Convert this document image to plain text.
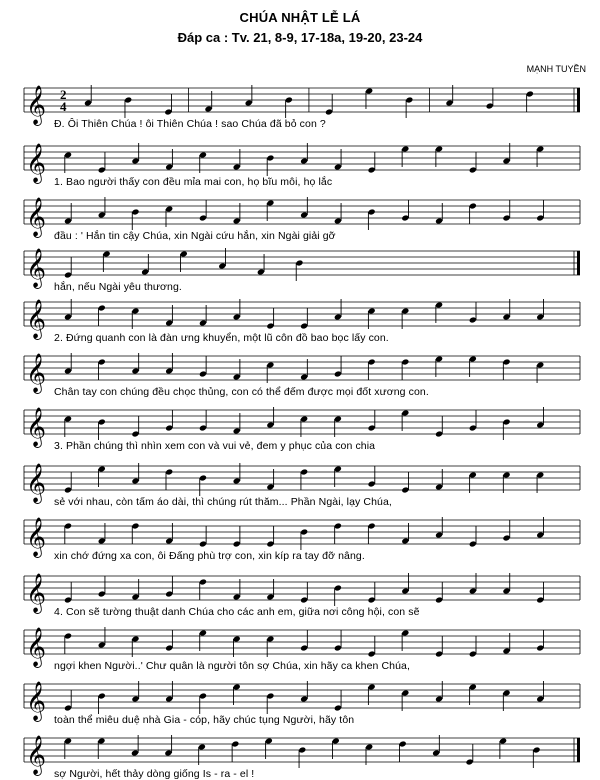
CHÚA NHẬT LỄ LÁ
Đáp ca : Tv. 21, 8-9, 17-18a, 19-20, 23-24
MẠNH TUYỀN
𝄞 2
4
Đ. Ôi Thiên Chúa ! ôi Thiên Chúa ! sao Chúa đã bỏ con ?
𝄞 1. Bao người thấy con đều mỉa mai con, họ bĩu môi, họ lắc
𝄞 đầu : ' Hắn tin cậy Chúa, xin Ngài cứu hắn, xin Ngài giải gỡ
𝄞 hắn, nếu Ngài yêu thương.
𝄞 2. Đứng quanh con là đàn ưng khuyển, một lũ côn đồ bao bọc lấy con.
𝄞 Chân tay con chúng đều chọc thủng, con có thể đếm được mọi đốt xương con.
𝄞 3. Phần chúng thì nhìn xem con và vui vẻ, đem y phục của con chia
𝄞 sẻ với nhau, còn tấm áo dài, thì chúng rút thăm... Phần Ngài, lạy Chúa,
𝄞 xin chớ đứng xa con, ôi Đấng phù trợ con, xin kíp ra tay đỡ nâng.
𝄞 4. Con sẽ tường thuật danh Chúa cho các anh em, giữa nơi công hội, con sẽ
𝄞 ngợi khen Người..' Chư quân là người tôn sợ Chúa, xin hãy ca khen Chúa,
𝄞 toàn thể miêu duệ nhà Gia - cóp, hãy chúc tụng Người, hãy tôn
𝄞 sợ Người, hết thảy dòng giống Is - ra - el !
